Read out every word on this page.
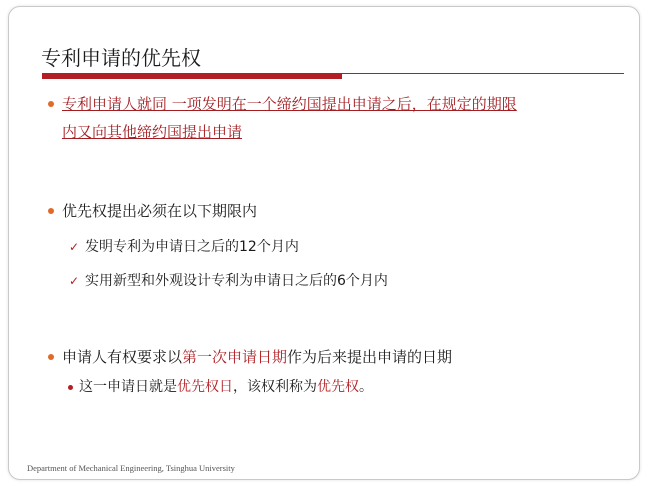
专利申请的优先权
专利申请人就同 一项发明在一个缔约国提出申请之后，在规定的期限
内又向其他缔约国提出申请
优先权提出必须在以下期限内
✓ 发明专利为申请日之后的12个月内
✓ 实用新型和外观设计专利为申请日之后的6个月内
申请人有权要求以第一次申请日期作为后来提出申请的日期
这一申请日就是优先权日，该权利称为优先权。
Department of Mechanical Engineering, Tsinghua University
